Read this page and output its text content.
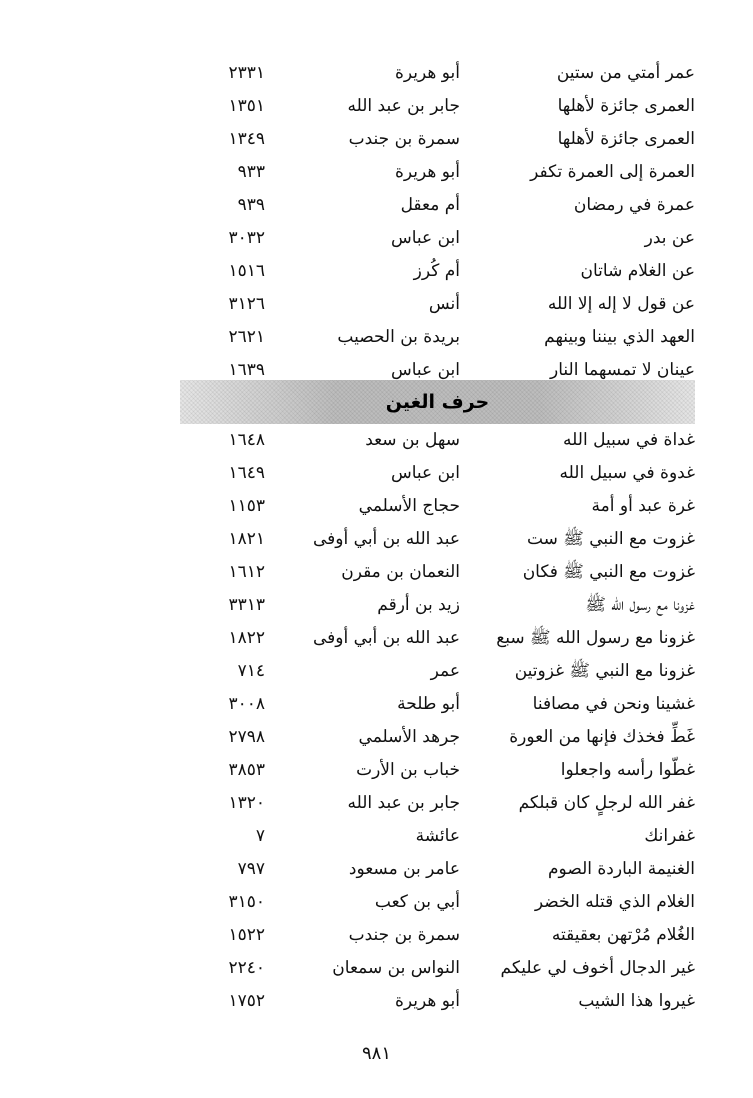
عمر أمتي من ستين
أبو هريرة
٢٣٣١
العمرى جائزة لأهلها
جابر بن عبد الله
١٣٥١
العمرى جائزة لأهلها
سمرة بن جندب
١٣٤٩
العمرة إلى العمرة تكفر
أبو هريرة
٩٣٣
عمرة في رمضان
أم معقل
٩٣٩
عن بدر
ابن عباس
٣٠٣٢
عن الغلام شاتان
أم كُرز
١٥١٦
عن قول لا إله إلا الله
أنس
٣١٢٦
العهد الذي بيننا وبينهم
بريدة بن الحصيب
٢٦٢١
عينان لا تمسهما النار
ابن عباس
١٦٣٩
حرف الغين
غداة في سبيل الله
سهل بن سعد
١٦٤٨
غدوة في سبيل الله
ابن عباس
١٦٤٩
غرة عبد أو أمة
حجاج الأسلمي
١١٥٣
غزوت مع النبي ﷺ ست
عبد الله بن أبي أوفى
١٨٢١
غزوت مع النبي ﷺ فكان
النعمان بن مقرن
١٦١٢
غزونا مع رسول الله ﷺ
زيد بن أرقم
٣٣١٣
غزونا مع رسول الله ﷺ سبع
عبد الله بن أبي أوفى
١٨٢٢
غزونا مع النبي ﷺ غزوتين
عمر
٧١٤
غشينا ونحن في مصافنا
أبو طلحة
٣٠٠٨
غَطِّ فخذك فإنها من العورة
جرهد الأسلمي
٢٧٩٨
غطّوا رأسه واجعلوا
خباب بن الأرت
٣٨٥٣
غفر الله لرجلٍ كان قبلكم
جابر بن عبد الله
١٣٢٠
غفرانك
عائشة
٧
الغنيمة الباردة الصوم
عامر بن مسعود
٧٩٧
الغلام الذي قتله الخضر
أبي بن كعب
٣١٥٠
الغُلام مُرْتهن بعقيقته
سمرة بن جندب
١٥٢٢
غير الدجال أخوف لي عليكم
النواس بن سمعان
٢٢٤٠
غيروا هذا الشيب
أبو هريرة
١٧٥٢
٩٨١
